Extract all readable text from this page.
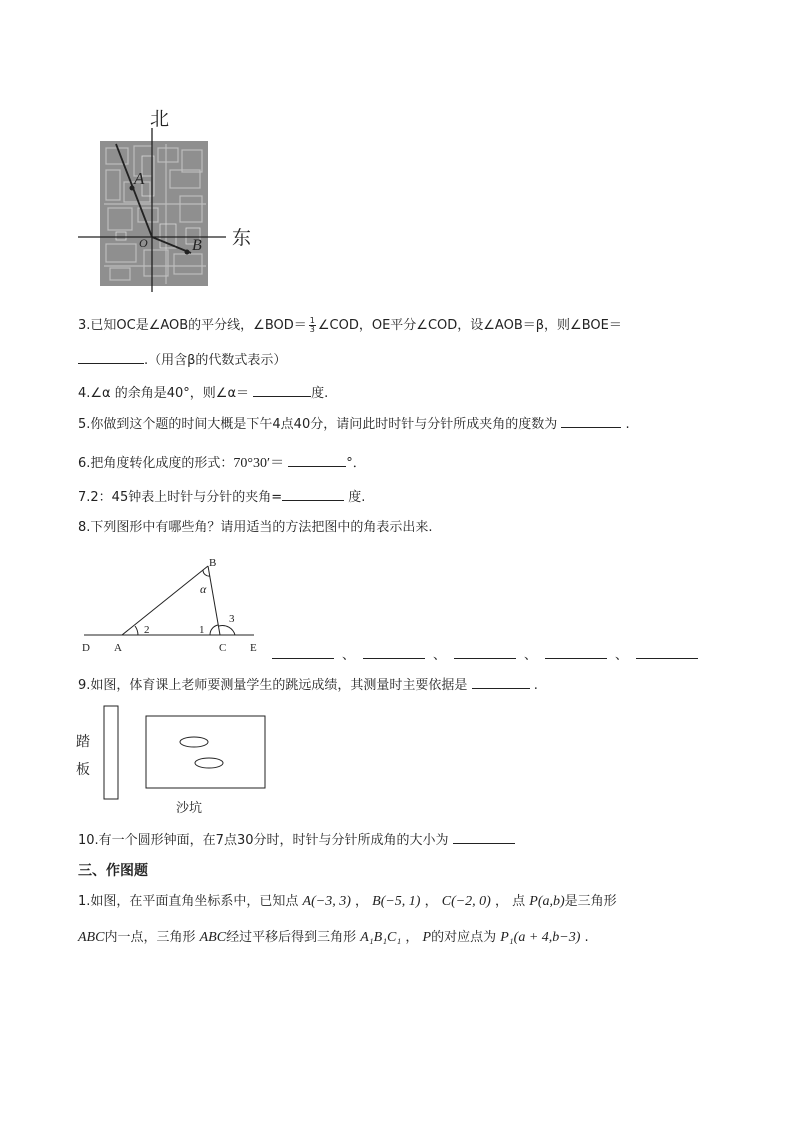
北
东
A
B
O
3.已知OC是∠AOB的平分线，∠BOD＝ $\frac{1}{3}$ ∠COD，OE平分∠COD，设∠AOB＝β，则∠BOE＝
.（用含β的代数式表示）
4.∠α 的余角是40°，则∠α＝	度.
5.你做到这个题的时间大概是下午4点40分，请问此时时针与分针所成夹角的度数为	.
6.把角度转化成度的形式：70°30′＝	°．
7.2：45钟表上时针与分针的夹角=	度.
8.下列图形中有哪些角？请用适当的方法把图中的角表示出来.
B
α
D A	C E
1
2
3
、	、	、	、
9.如图，体育课上老师要测量学生的跳远成绩，其测量时主要依据是	.
踏
板
沙坑
10.有一个圆形钟面，在7点30分时，时针与分针所成角的大小为
三、作图题
1.如图，在平面直角坐标系中，已知点 A(−3, 3) ， B(−5, 1) ， C(−2, 0) ， 点 P(a,b)是三角形
ABC内一点，三角形 ABC经过平移后得到三角形 A₁B₁C₁ ， P的对应点为 P₁(a + 4,b−3) .
